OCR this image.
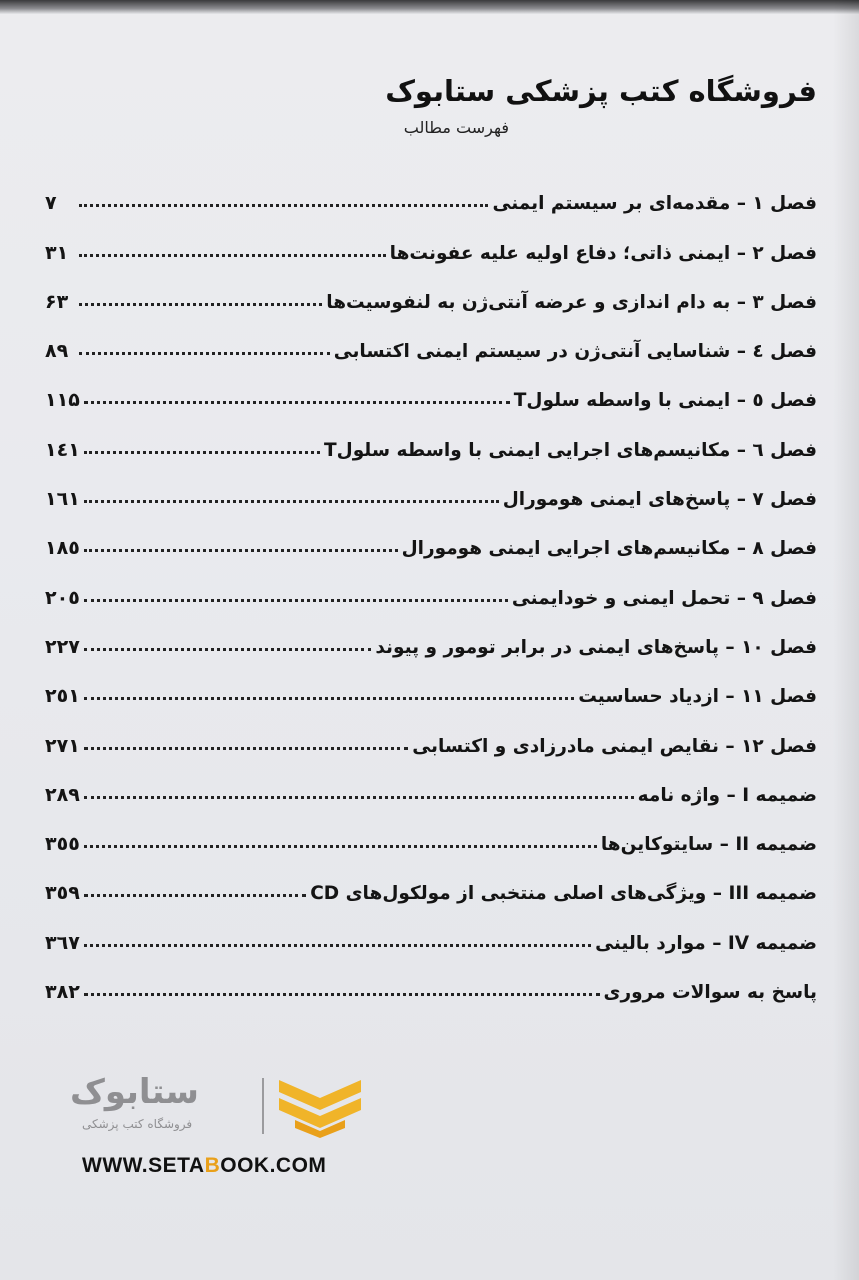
فروشگاه کتب پزشکی ستابوک
فهرست مطالب
فصل ۱ – مقدمه‌ای بر سیستم ایمنی
۷
فصل ۲ – ایمنی ذاتی؛ دفاع اولیه علیه عفونت‌ها
۳۱
فصل ۳ – به دام اندازی و عرضه آنتی‌ژن به لنفوسیت‌ها
۶۳
فصل ٤ – شناسایی آنتی‌ژن در سیستم ایمنی اکتسابی
۸۹
فصل ٥ – ایمنی با واسطه سلولT
۱۱۵
فصل ٦ – مکانیسم‌های اجرایی ایمنی با واسطه سلولT
۱٤۱
فصل ۷ – پاسخ‌های ایمنی هومورال
۱٦۱
فصل ۸ – مکانیسم‌های اجرایی ایمنی هومورال
۱۸٥
فصل ۹ – تحمل ایمنی و خودایمنی
۲۰٥
فصل ۱۰ – پاسخ‌های ایمنی در برابر تومور و پیوند
۲۲۷
فصل ۱۱ – ازدیاد حساسیت
۲٥۱
فصل ۱۲ – نقایص ایمنی مادرزادی و اکتسابی
۲۷۱
ضمیمه I – واژه نامه
۲۸۹
ضمیمه II – سایتوکاین‌ها
۳٥٥
ضمیمه III – ویژگی‌های اصلی منتخبی از مولکول‌های CD
۳٥۹
ضمیمه IV – موارد بالینی
۳٦۷
پاسخ به سوالات مروری
۳۸۲
ستابوک
فروشگاه کتب پزشکی
WWW.SETABOOK.COM
